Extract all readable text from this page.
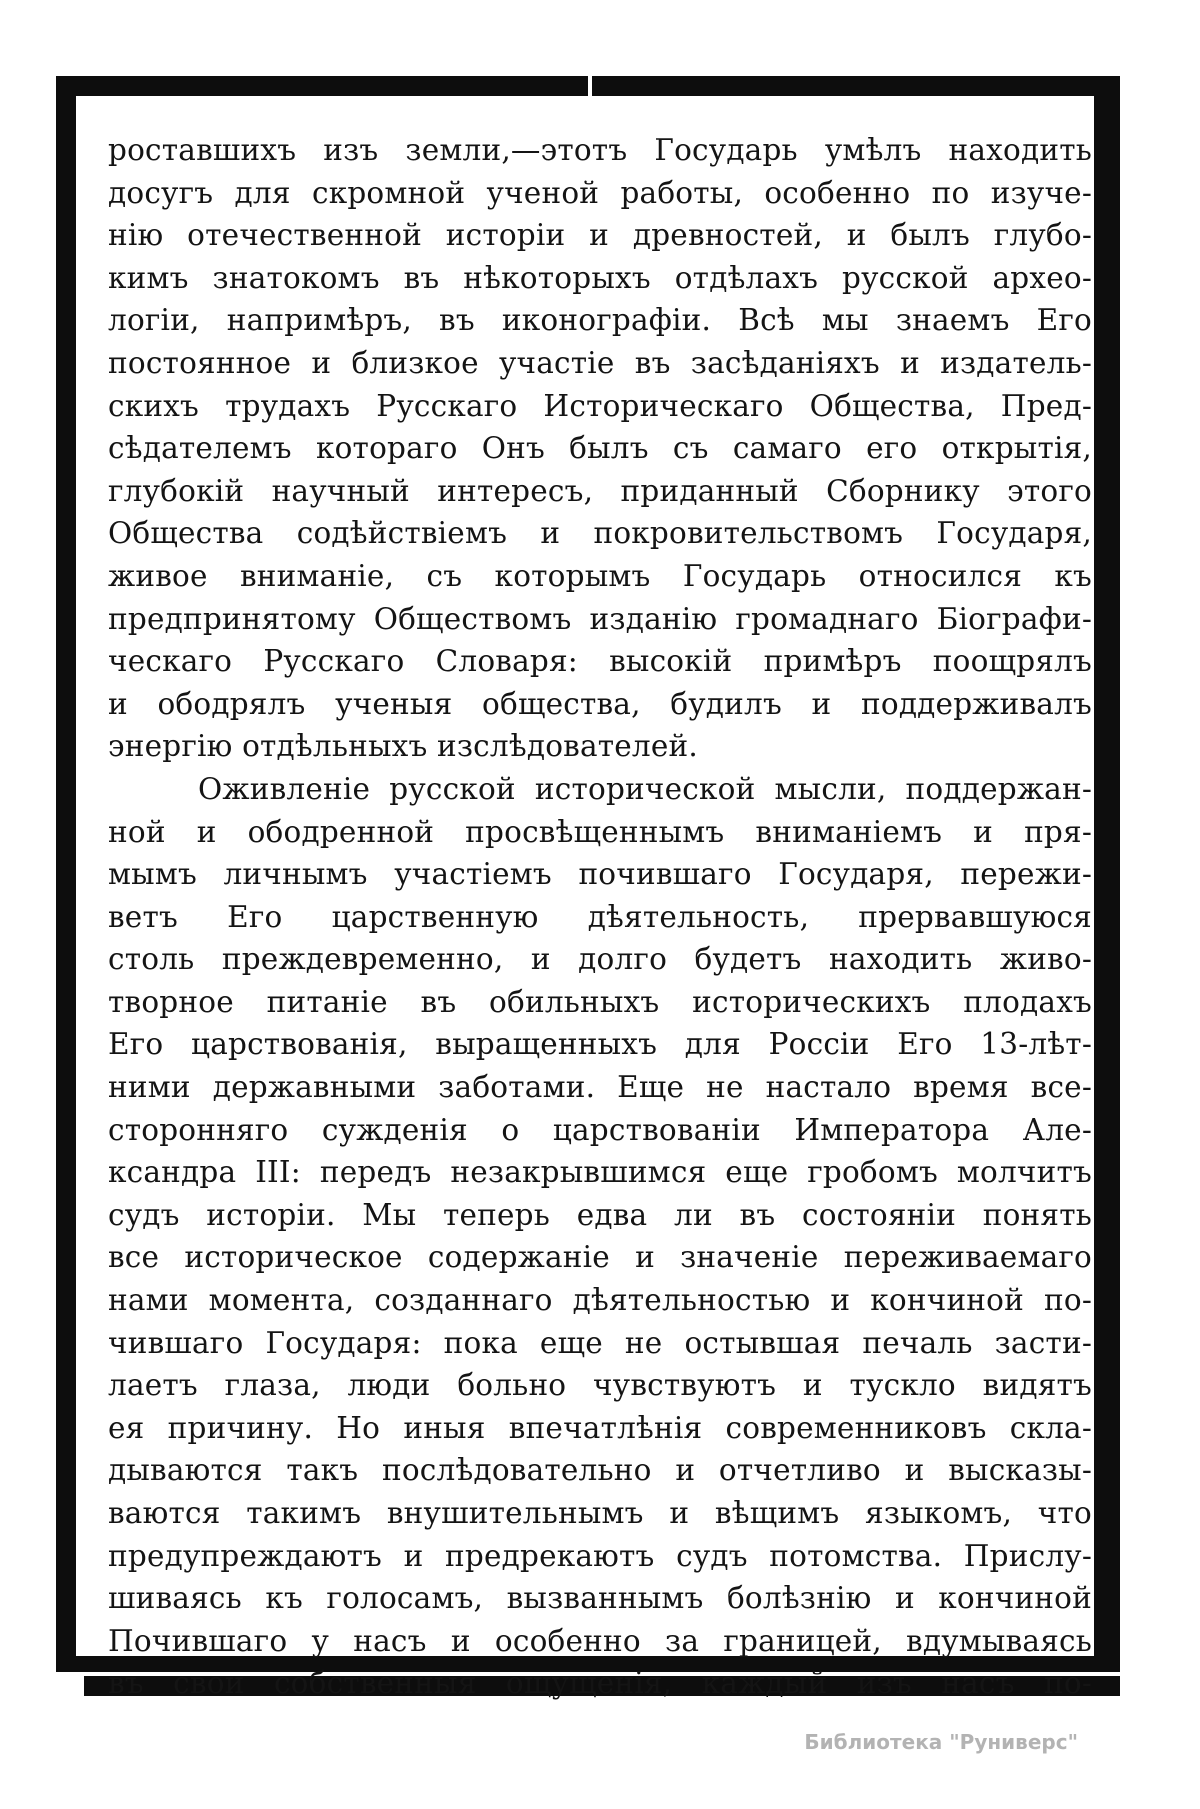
роставшихъ изъ земли,—этотъ Государь умѣлъ находить
досугъ для скромной ученой работы, особенно по изуче-
нію отечественной исторіи и древностей, и былъ глубо-
кимъ знатокомъ въ нѣкоторыхъ отдѣлахъ русской архео-
логіи, напримѣръ, въ иконографіи. Всѣ мы знаемъ Его
постоянное и близкое участіе въ засѣданіяхъ и издатель-
скихъ трудахъ Русскаго Историческаго Общества, Пред-
сѣдателемъ котораго Онъ былъ съ самаго его открытія,
глубокій научный интересъ, приданный Сборнику этого
Общества содѣйствіемъ и покровительствомъ Государя,
живое вниманіе, съ которымъ Государь относился къ
предпринятому Обществомъ изданію громаднаго Біографи-
ческаго Русскаго Словаря: высокій примѣръ поощрялъ
и ободрялъ ученыя общества, будилъ и поддерживалъ
энергію отдѣльныхъ изслѣдователей.
Оживленіе русской исторической мысли, поддержан-
ной и ободренной просвѣщеннымъ вниманіемъ и пря-
мымъ личнымъ участіемъ почившаго Государя, пережи-
ветъ Его царственную дѣятельность, прервавшуюся
столь преждевременно, и долго будетъ находить живо-
творное питаніе въ обильныхъ историческихъ плодахъ
Его царствованія, выращенныхъ для Россіи Его 13-лѣт-
ними державными заботами. Еще не настало время все-
сторонняго сужденія о царствованіи Императора Але-
ксандра III: передъ незакрывшимся еще гробомъ молчитъ
судъ исторіи. Мы теперь едва ли въ состояніи понять
все историческое содержаніе и значеніе переживаемаго
нами момента, созданнаго дѣятельностью и кончиной по-
чившаго Государя: пока еще не остывшая печаль засти-
лаетъ глаза, люди больно чувствуютъ и тускло видятъ
ея причину. Но иныя впечатлѣнія современниковъ скла-
дываются такъ послѣдовательно и отчетливо и высказы-
ваются такимъ внушительнымъ и вѣщимъ языкомъ, что
предупреждаютъ и предрекаютъ судъ потомства. Прислу-
шиваясь къ голосамъ, вызваннымъ болѣзнію и кончиной
Почившаго у насъ и особенно за границей, вдумываясь
въ свои собственныя ощущенія, каждый изъ насъ по-
Библиотека "Руниверс"
